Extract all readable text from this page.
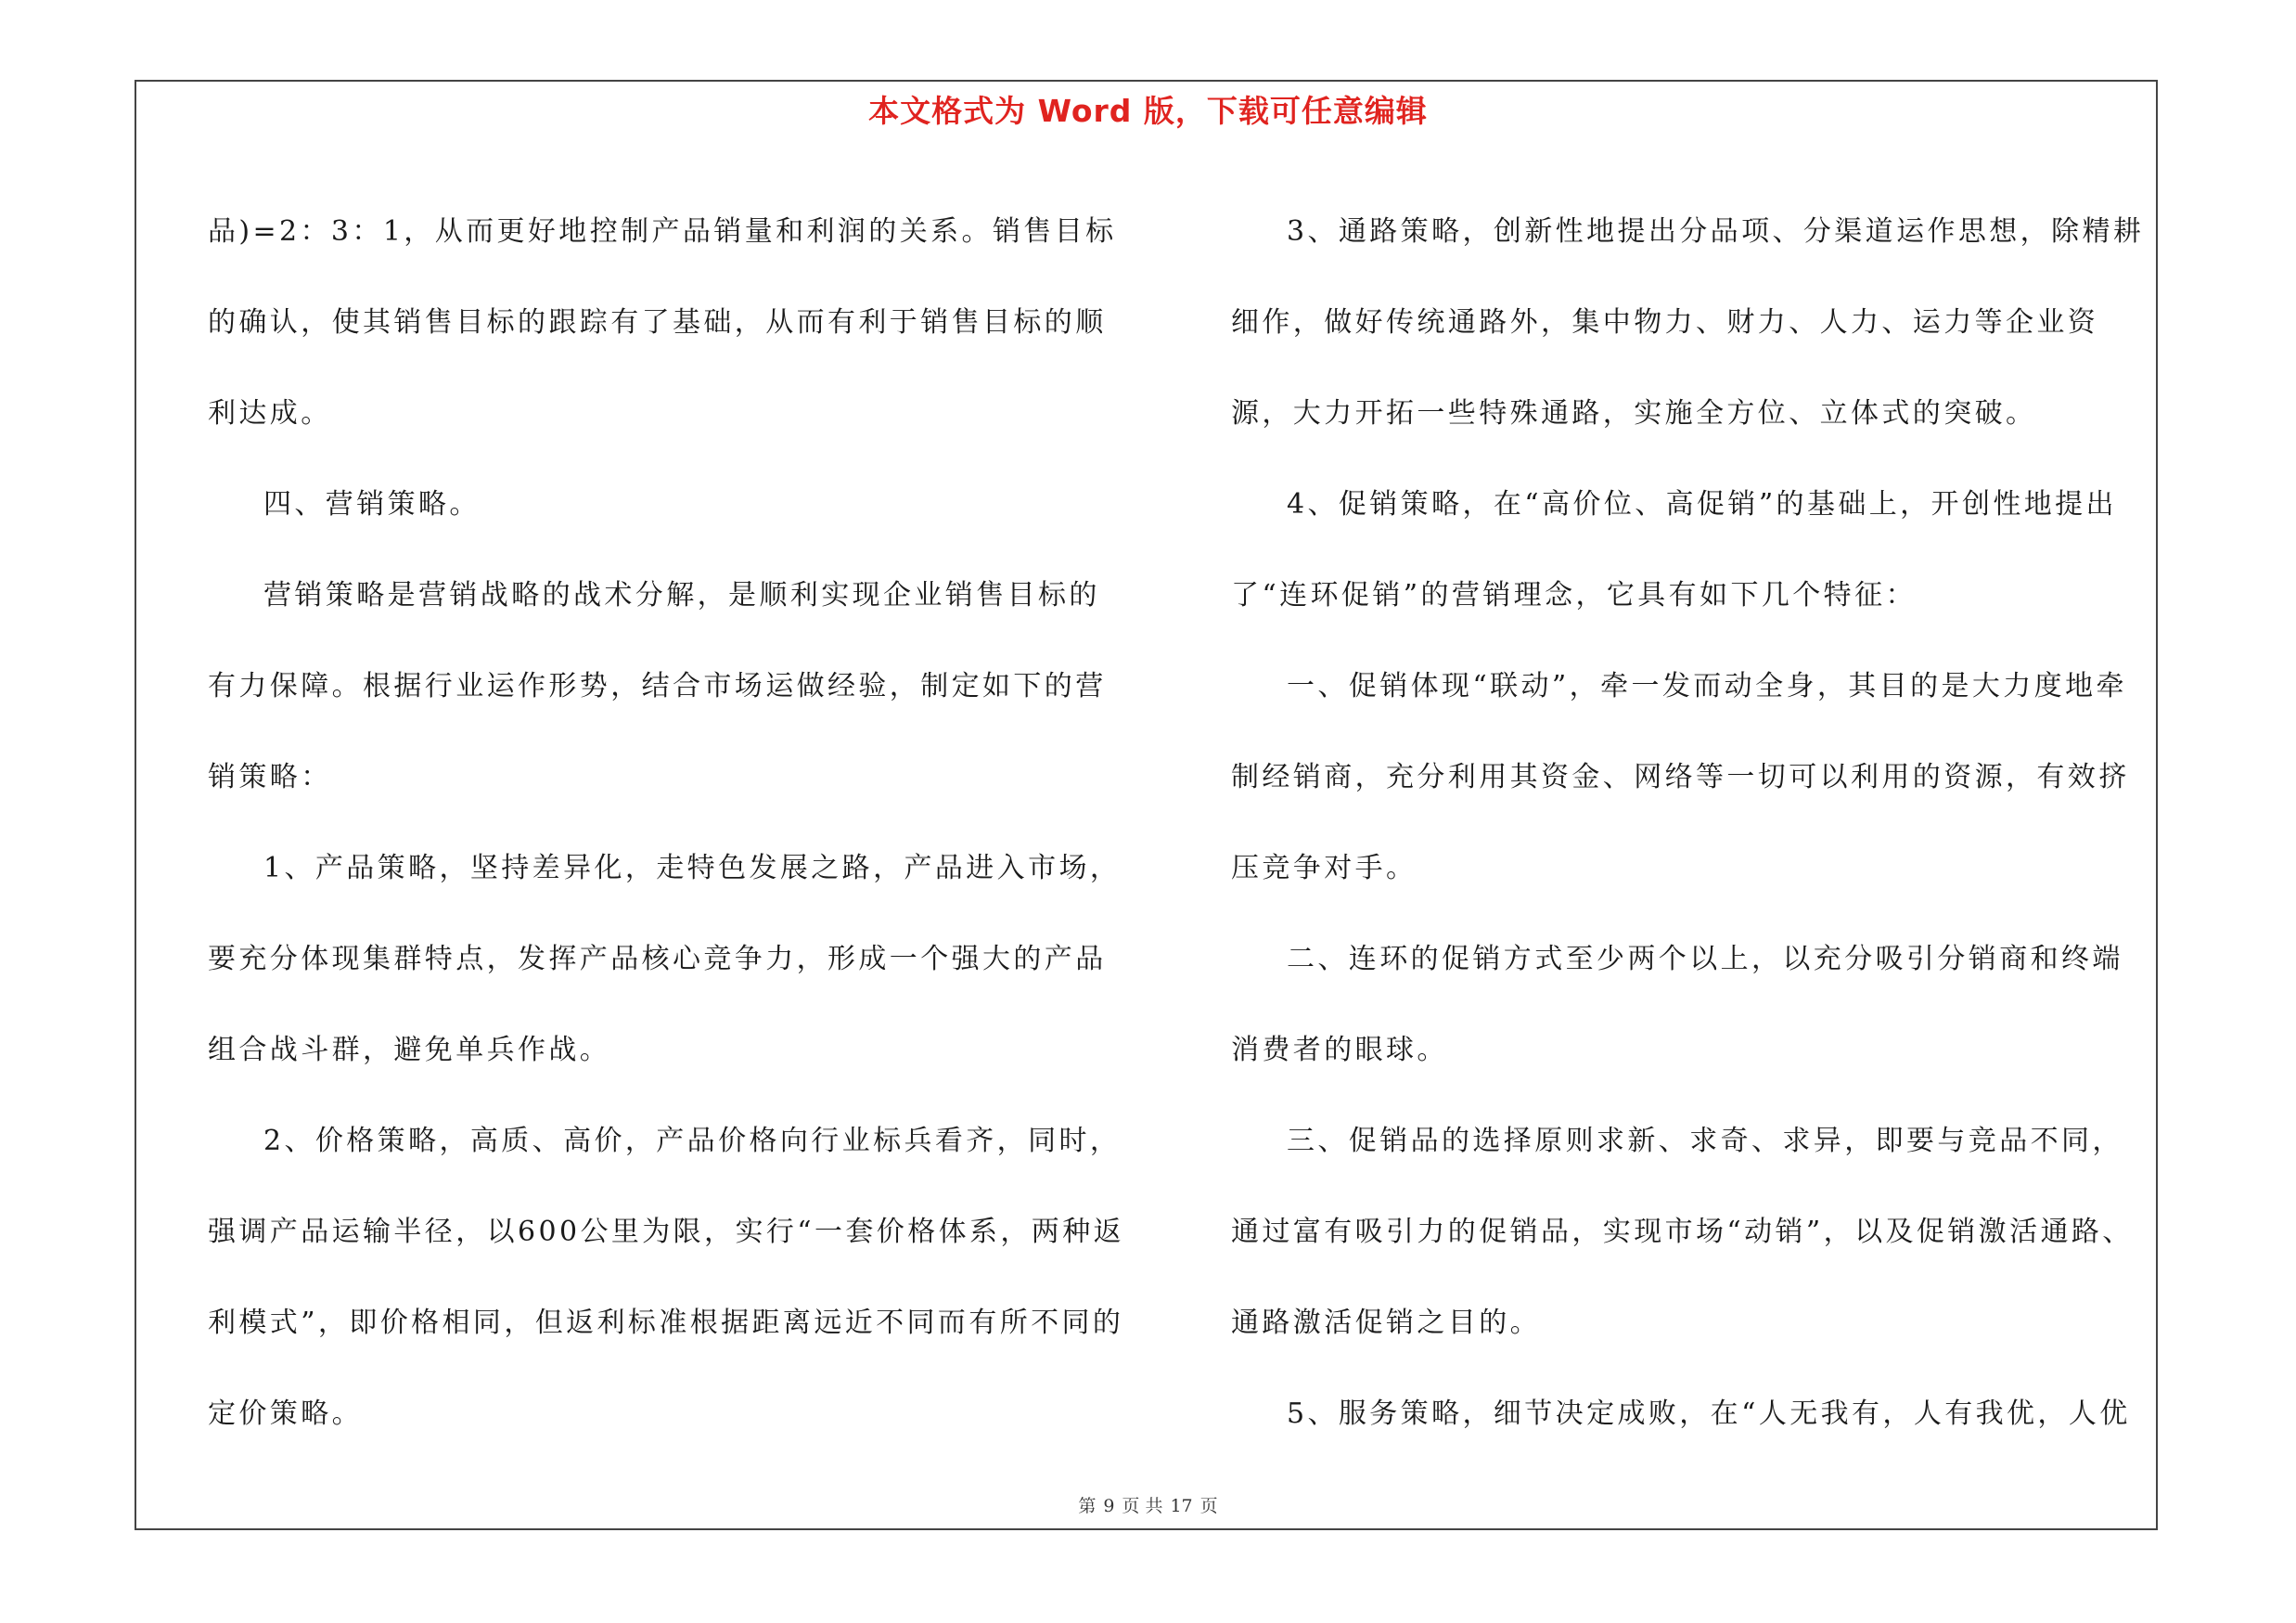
本文格式为 Word 版，下载可任意编辑

品)=2：3：1，从而更好地控制产品销量和利润的关系。销售目标的确认，使其销售目标的跟踪有了基础，从而有利于销售目标的顺利达成。

四、营销策略。

营销策略是营销战略的战术分解，是顺利实现企业销售目标的有力保障。根据行业运作形势，结合市场运做经验，制定如下的营销策略：

1、产品策略，坚持差异化，走特色发展之路，产品进入市场，要充分体现集群特点，发挥产品核心竞争力，形成一个强大的产品组合战斗群，避免单兵作战。

2、价格策略，高质、高价，产品价格向行业标兵看齐，同时，强调产品运输半径，以600公里为限，实行“一套价格体系，两种返利模式”，即价格相同，但返利标准根据距离远近不同而有所不同的定价策略。

3、通路策略，创新性地提出分品项、分渠道运作思想，除精耕细作，做好传统通路外，集中物力、财力、人力、运力等企业资源，大力开拓一些特殊通路，实施全方位、立体式的突破。

4、促销策略，在“高价位、高促销”的基础上，开创性地提出了“连环促销”的营销理念，它具有如下几个特征：

一、促销体现“联动”，牵一发而动全身，其目的是大力度地牵制经销商，充分利用其资金、网络等一切可以利用的资源，有效挤压竞争对手。

二、连环的促销方式至少两个以上，以充分吸引分销商和终端消费者的眼球。

三、促销品的选择原则求新、求奇、求异，即要与竞品不同，通过富有吸引力的促销品，实现市场“动销”，以及促销激活通路、通路激活促销之目的。

5、服务策略，细节决定成败，在“人无我有，人有我优，人优

第 9 页 共 17 页
